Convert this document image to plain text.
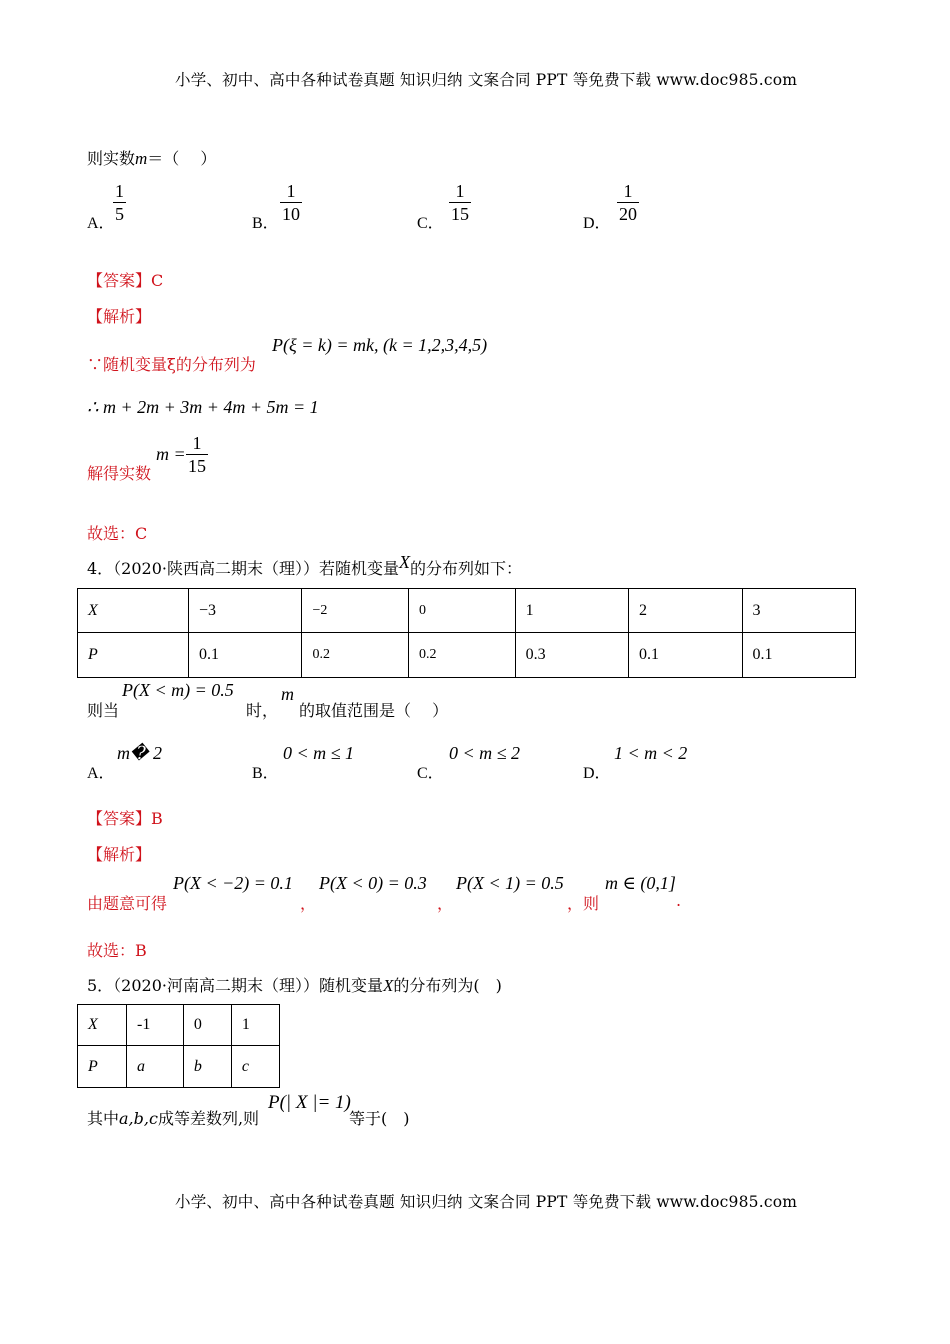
小学、初中、高中各种试卷真题 知识归纳 文案合同 PPT 等免费下载 www.doc985.com
则实数m＝（　 ）
A．
1
5	B．
1
10	C．
1
15	D．
1
20
【答案】C
【解析】
∵随机变量ξ的分布列为
P(ξ = k) = mk, (k = 1,2,3,4,5)
∴ m + 2m + 3m + 4m + 5m = 1
解得实数
m =
1
15
故选：C
4．（2020·陕西高二期末（理））若随机变量X的分布列如下：
X	−3	−2	0	1	2	3
P	0.1	0.2	0.2	0.3	0.1	0.1
则当
P(X < m) = 0.5
时，
m
的取值范围是（　 ）
A．
m� 2
B．
0 < m ≤ 1
C．
0 < m ≤ 2
D．
1 < m < 2
【答案】B
【解析】
由题意可得
P(X < −2) = 0.1
，
P(X < 0) = 0.3
，
P(X < 1) = 0.5
，则
m ∈ (0,1]
.
故选：B
5．（2020·河南高二期末（理））随机变量X的分布列为(　)
X	-1	0	1
P	a	b	c
其中a,b,c成等差数列,则
P(| X |= 1)
等于(　)
小学、初中、高中各种试卷真题 知识归纳 文案合同 PPT 等免费下载 www.doc985.com
